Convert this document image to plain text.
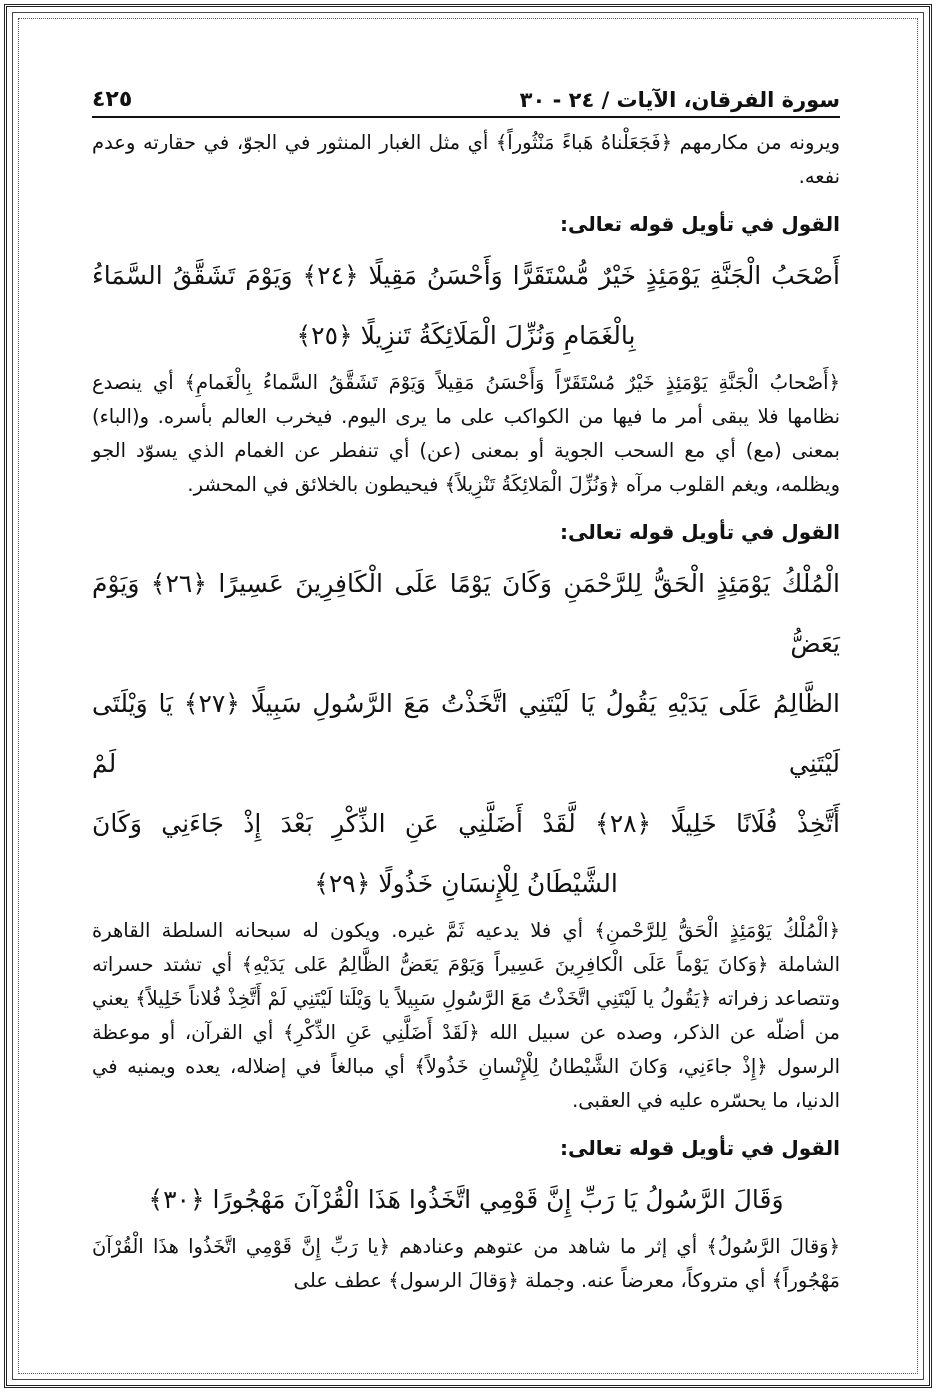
سورة الفرقان، الآيات / ٢٤ - ٣٠
٤٢٥

ويرونه من مكارمهم ﴿فَجَعَلْناهُ هَباءً مَنْثُوراً﴾ أي مثل الغبار المنثور في الجوّ، في حقارته وعدم نفعه.

القول في تأويل قوله تعالى:
أَصْحَبُ الْجَنَّةِ يَوْمَئِذٍ خَيْرٌ مُّسْتَقَرًّا وَأَحْسَنُ مَقِيلًا ﴿٢٤﴾ وَيَوْمَ تَشَقَّقُ السَّمَاءُ
بِالْغَمَامِ وَنُزِّلَ الْمَلَائِكَةُ تَنزِيلًا ﴿٢٥﴾

﴿أَصْحابُ الْجَنَّةِ يَوْمَئِذٍ خَيْرٌ مُسْتَقَرّاً وَأَحْسَنُ مَقِيلاً وَيَوْمَ تَشَقَّقُ السَّماءُ بِالْغَمامِ﴾ أي ينصدع نظامها فلا يبقى أمر ما فيها من الكواكب على ما يرى اليوم. فيخرب العالم بأسره. و(الباء) بمعنى (مع) أي مع السحب الجوية أو بمعنى (عن) أي تنفطر عن الغمام الذي يسوّد الجو ويظلمه، ويغم القلوب مرآه ﴿وَنُزِّلَ الْمَلائِكَةُ تَنْزِيلاً﴾ فيحيطون بالخلائق في المحشر.

القول في تأويل قوله تعالى:
الْمُلْكُ يَوْمَئِذٍ الْحَقُّ لِلرَّحْمَنِ وَكَانَ يَوْمًا عَلَى الْكَافِرِينَ عَسِيرًا ﴿٢٦﴾ وَيَوْمَ يَعَضُّ
الظَّالِمُ عَلَى يَدَيْهِ يَقُولُ يَا لَيْتَنِي اتَّخَذْتُ مَعَ الرَّسُولِ سَبِيلًا ﴿٢٧﴾ يَا وَيْلَتَى لَيْتَنِي لَمْ
أَتَّخِذْ فُلَانًا خَلِيلًا ﴿٢٨﴾ لَّقَدْ أَضَلَّنِي عَنِ الذِّكْرِ بَعْدَ إِذْ جَاءَنِي وَكَانَ
الشَّيْطَانُ لِلْإِنسَانِ خَذُولًا ﴿٢٩﴾

﴿الْمُلْكُ يَوْمَئِذٍ الْحَقُّ لِلرَّحْمنِ﴾ أي فلا يدعيه ثَمَّ غيره. ويكون له سبحانه السلطة القاهرة الشاملة ﴿وَكانَ يَوْماً عَلَى الْكافِرِينَ عَسِيراً وَيَوْمَ يَعَضُّ الظَّالِمُ عَلى يَدَيْهِ﴾ أي تشتد حسراته وتتصاعد زفراته ﴿يَقُولُ يا لَيْتَنِي اتَّخَذْتُ مَعَ الرَّسُولِ سَبِيلاً يا وَيْلَتا لَيْتَنِي لَمْ أَتَّخِذْ فُلاناً خَلِيلاً﴾ يعني من أضلّه عن الذكر، وصده عن سبيل الله ﴿لَقَدْ أَضَلَّنِي عَنِ الذِّكْرِ﴾ أي القرآن، أو موعظة الرسول ﴿إِذْ جاءَنِي، وَكانَ الشَّيْطانُ لِلْإِنْسانِ خَذُولاً﴾ أي مبالغاً في إضلاله، يعده ويمنيه في الدنيا، ما يحسّره عليه في العقبى.

القول في تأويل قوله تعالى:
وَقَالَ الرَّسُولُ يَا رَبِّ إِنَّ قَوْمِي اتَّخَذُوا هَذَا الْقُرْآنَ مَهْجُورًا ﴿٣٠﴾

﴿وَقالَ الرَّسُولُ﴾ أي إثر ما شاهد من عتوهم وعنادهم ﴿يا رَبِّ إِنَّ قَوْمِي اتَّخَذُوا هذَا الْقُرْآنَ مَهْجُوراً﴾ أي متروكاً، معرضاً عنه. وجملة ﴿وَقالَ الرسول﴾ عطف على
